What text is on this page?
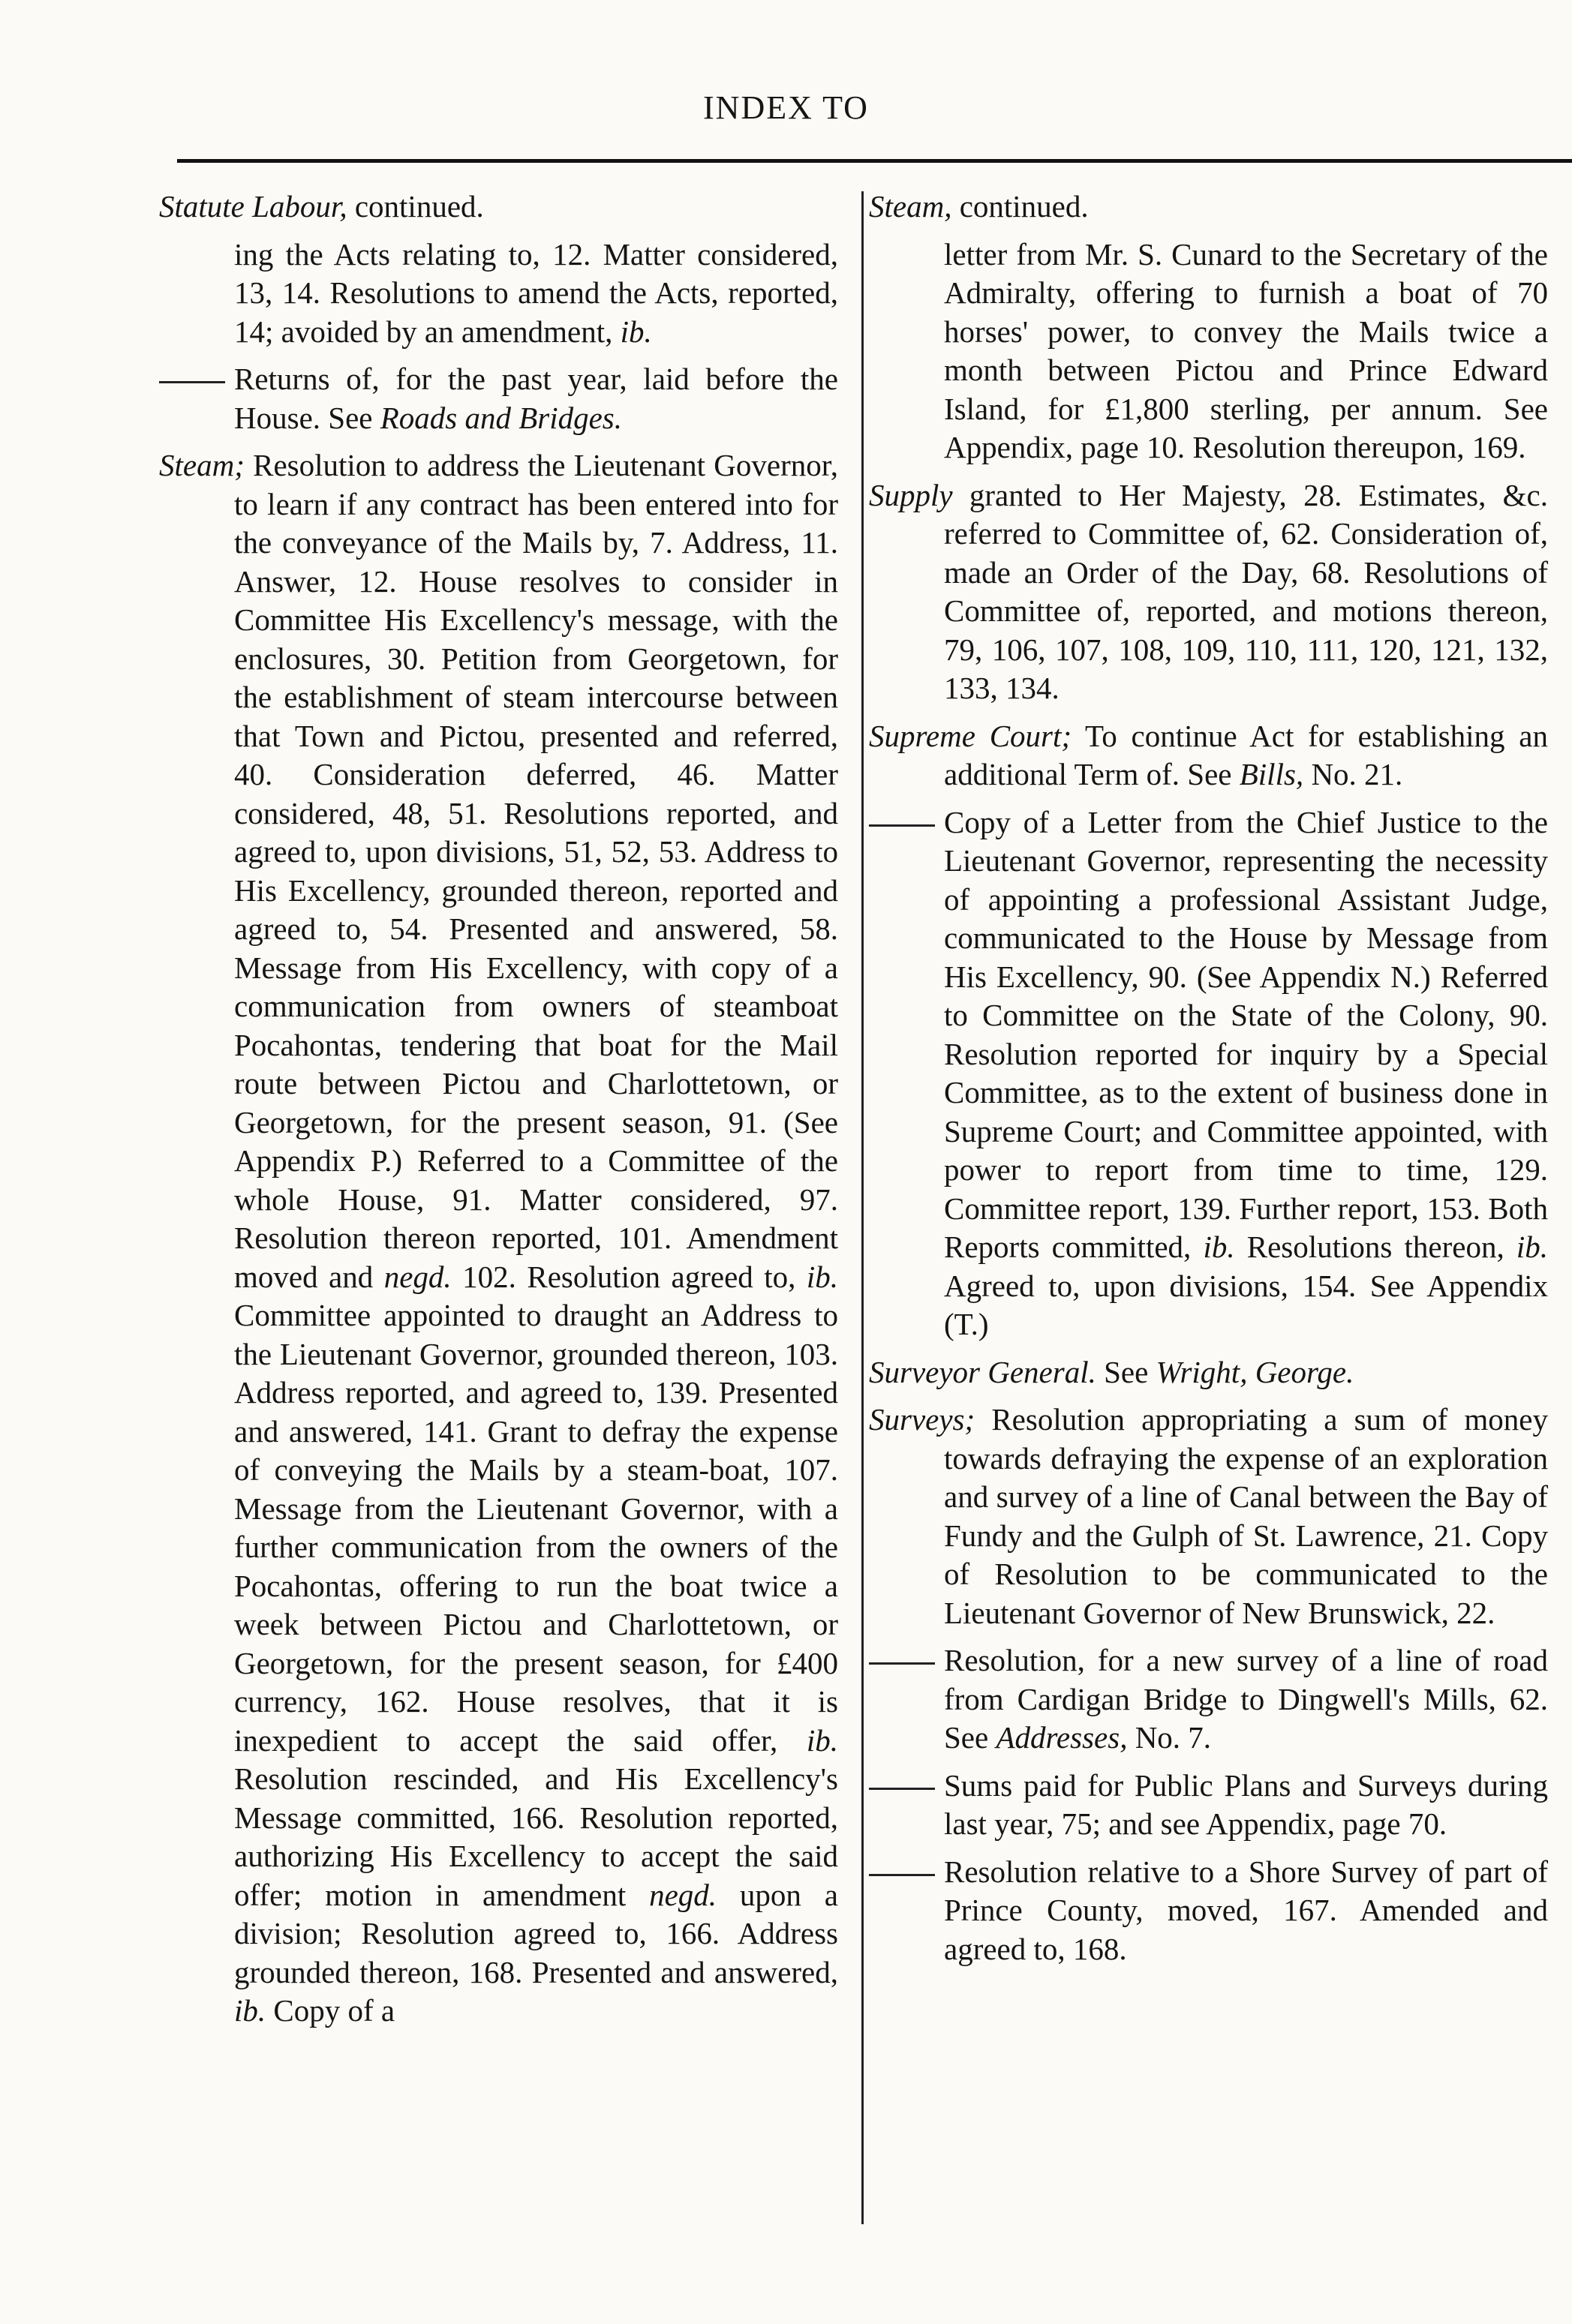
INDEX TO

Statute Labour, continued.

ing the Acts relating to, 12. Matter considered, 13, 14. Resolutions to amend the Acts, reported, 14; avoided by an amendment, ib.

Returns of, for the past year, laid before the House. See Roads and Bridges.

Steam; Resolution to address the Lieutenant Governor, to learn if any contract has been entered into for the conveyance of the Mails by, 7. Address, 11. Answer, 12. House resolves to consider in Committee His Excellency's message, with the enclosures, 30. Petition from Georgetown, for the establishment of steam intercourse between that Town and Pictou, presented and referred, 40. Consideration deferred, 46. Matter considered, 48, 51. Resolutions reported, and agreed to, upon divisions, 51, 52, 53. Address to His Excellency, grounded thereon, reported and agreed to, 54. Presented and answered, 58. Message from His Excellency, with copy of a communication from owners of steamboat Pocahontas, tendering that boat for the Mail route between Pictou and Charlottetown, or Georgetown, for the present season, 91. (See Appendix P.) Referred to a Committee of the whole House, 91. Matter considered, 97. Resolution thereon reported, 101. Amendment moved and negd. 102. Resolution agreed to, ib. Committee appointed to draught an Address to the Lieutenant Governor, grounded thereon, 103. Address reported, and agreed to, 139. Presented and answered, 141. Grant to defray the expense of conveying the Mails by a steam-boat, 107. Message from the Lieutenant Governor, with a further communication from the owners of the Pocahontas, offering to run the boat twice a week between Pictou and Charlottetown, or Georgetown, for the present season, for £400 currency, 162. House resolves, that it is inexpedient to accept the said offer, ib. Resolution rescinded, and His Excellency's Message committed, 166. Resolution reported, authorizing His Excellency to accept the said offer; motion in amendment negd. upon a division; Resolution agreed to, 166. Address grounded thereon, 168. Presented and answered, ib. Copy of a

Steam, continued.

letter from Mr. S. Cunard to the Secretary of the Admiralty, offering to furnish a boat of 70 horses' power, to convey the Mails twice a month between Pictou and Prince Edward Island, for £1,800 sterling, per annum. See Appendix, page 10. Resolution thereupon, 169.

Supply granted to Her Majesty, 28. Estimates, &c. referred to Committee of, 62. Consideration of, made an Order of the Day, 68. Resolutions of Committee of, reported, and motions thereon, 79, 106, 107, 108, 109, 110, 111, 120, 121, 132, 133, 134.

Supreme Court; To continue Act for establishing an additional Term of. See Bills, No. 21.

Copy of a Letter from the Chief Justice to the Lieutenant Governor, representing the necessity of appointing a professional Assistant Judge, communicated to the House by Message from His Excellency, 90. (See Appendix N.) Referred to Committee on the State of the Colony, 90. Resolution reported for inquiry by a Special Committee, as to the extent of business done in Supreme Court; and Committee appointed, with power to report from time to time, 129. Committee report, 139. Further report, 153. Both Reports committed, ib. Resolutions thereon, ib. Agreed to, upon divisions, 154. See Appendix (T.)

Surveyor General. See Wright, George.

Surveys; Resolution appropriating a sum of money towards defraying the expense of an exploration and survey of a line of Canal between the Bay of Fundy and the Gulph of St. Lawrence, 21. Copy of Resolution to be communicated to the Lieutenant Governor of New Brunswick, 22.

Resolution, for a new survey of a line of road from Cardigan Bridge to Dingwell's Mills, 62. See Addresses, No. 7.

Sums paid for Public Plans and Surveys during last year, 75; and see Appendix, page 70.

Resolution relative to a Shore Survey of part of Prince County, moved, 167. Amended and agreed to, 168.
